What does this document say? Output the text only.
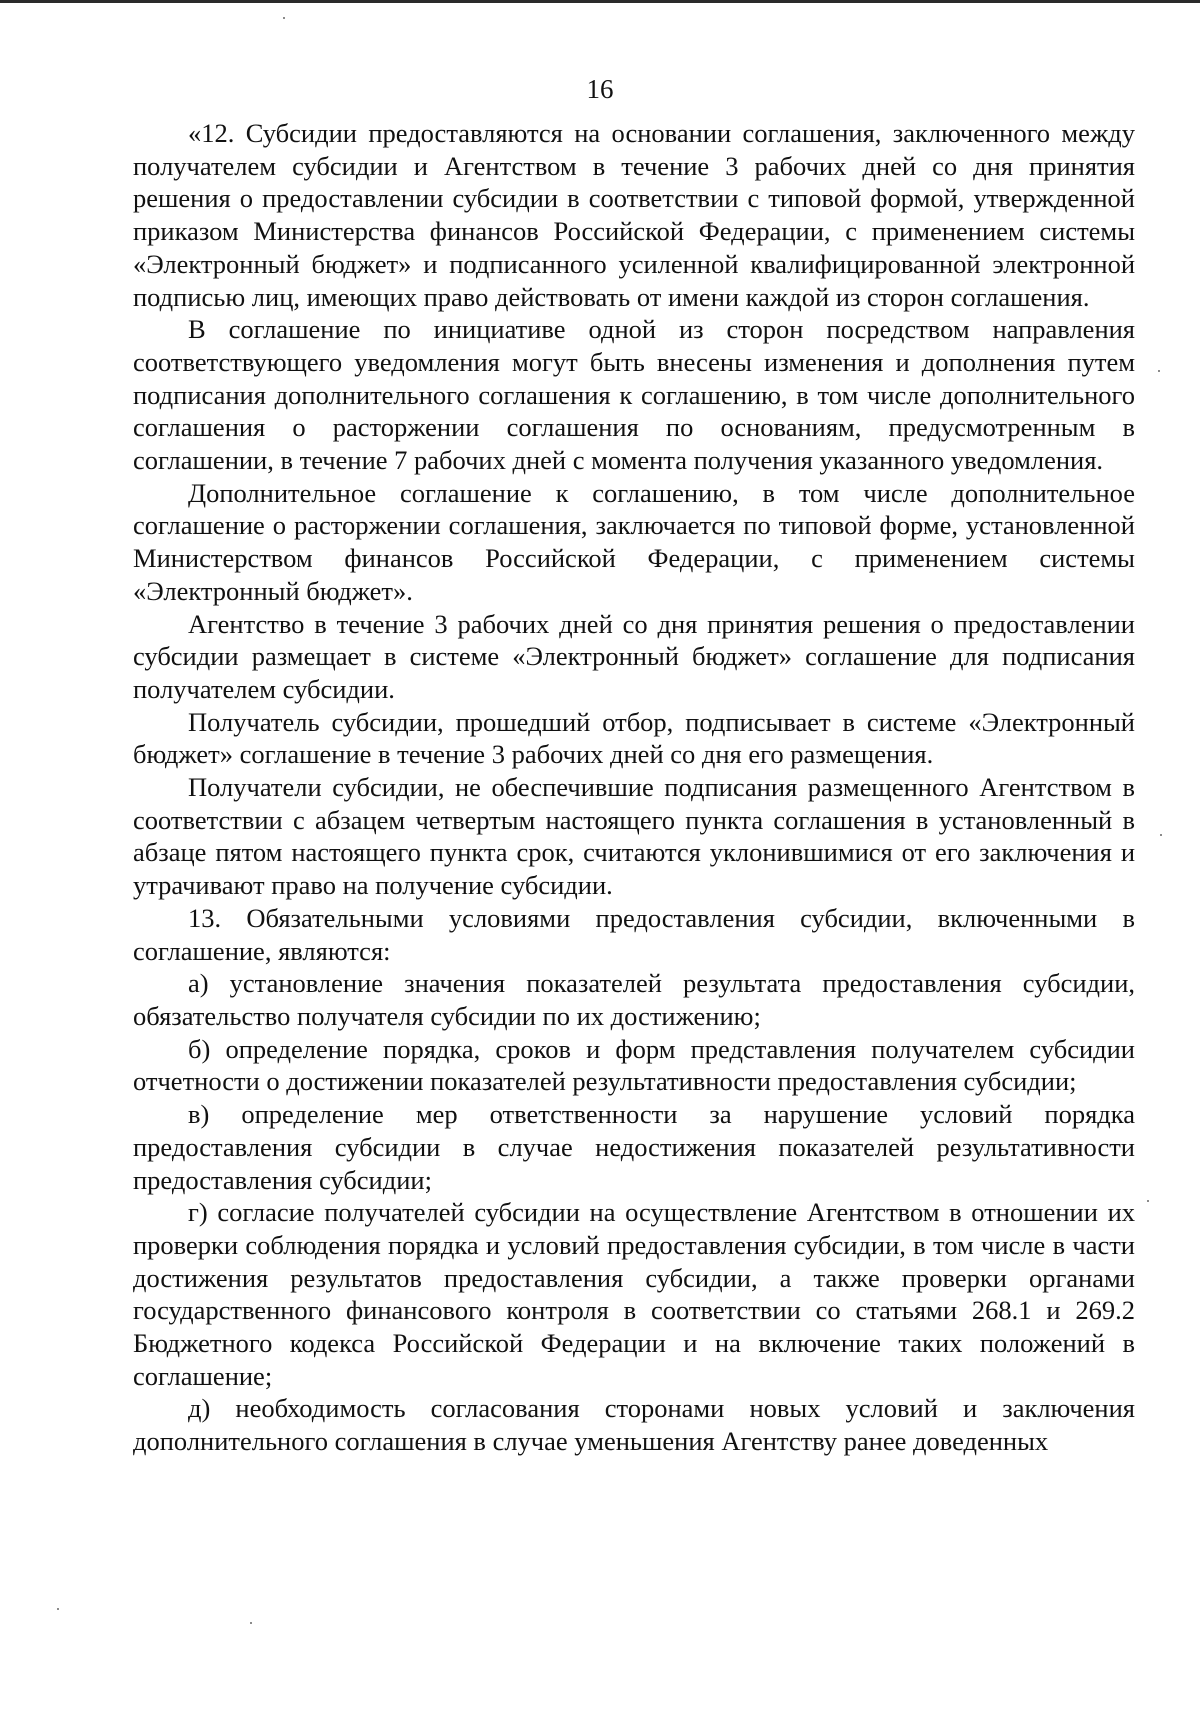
16

«12. Субсидии предоставляются на основании соглашения, заключенного между получателем субсидии и Агентством в течение 3 рабочих дней со дня принятия решения о предоставлении субсидии в соответствии с типовой формой, утвержденной приказом Министерства финансов Российской Федерации, с применением системы «Электронный бюджет» и подписанного усиленной квалифицированной электронной подписью лиц, имеющих право действовать от имени каждой из сторон соглашения.

В соглашение по инициативе одной из сторон посредством направления соответствующего уведомления могут быть внесены изменения и дополнения путем подписания дополнительного соглашения к соглашению, в том числе дополнительного соглашения о расторжении соглашения по основаниям, предусмотренным в соглашении, в течение 7 рабочих дней с момента получения указанного уведомления.

Дополнительное соглашение к соглашению, в том числе дополнительное соглашение о расторжении соглашения, заключается по типовой форме, установленной Министерством финансов Российской Федерации, с применением системы «Электронный бюджет».

Агентство в течение 3 рабочих дней со дня принятия решения о предоставлении субсидии размещает в системе «Электронный бюджет» соглашение для подписания получателем субсидии.

Получатель субсидии, прошедший отбор, подписывает в системе «Электронный бюджет» соглашение в течение 3 рабочих дней со дня его размещения.

Получатели субсидии, не обеспечившие подписания размещенного Агентством в соответствии с абзацем четвертым настоящего пункта соглашения в установленный в абзаце пятом настоящего пункта срок, считаются уклонившимися от его заключения и утрачивают право на получение субсидии.

13. Обязательными условиями предоставления субсидии, включенными в соглашение, являются:

а) установление значения показателей результата предоставления субсидии, обязательство получателя субсидии по их достижению;

б) определение порядка, сроков и форм представления получателем субсидии отчетности о достижении показателей результативности предоставления субсидии;

в) определение мер ответственности за нарушение условий порядка предоставления субсидии в случае недостижения показателей результативности предоставления субсидии;

г) согласие получателей субсидии на осуществление Агентством в отношении их проверки соблюдения порядка и условий предоставления субсидии, в том числе в части достижения результатов предоставления субсидии, а также проверки органами государственного финансового контроля в соответствии со статьями 268.1 и 269.2 Бюджетного кодекса Российской Федерации и на включение таких положений в соглашение;

д) необходимость согласования сторонами новых условий и заключения дополнительного соглашения в случае уменьшения Агентству ранее доведенных
